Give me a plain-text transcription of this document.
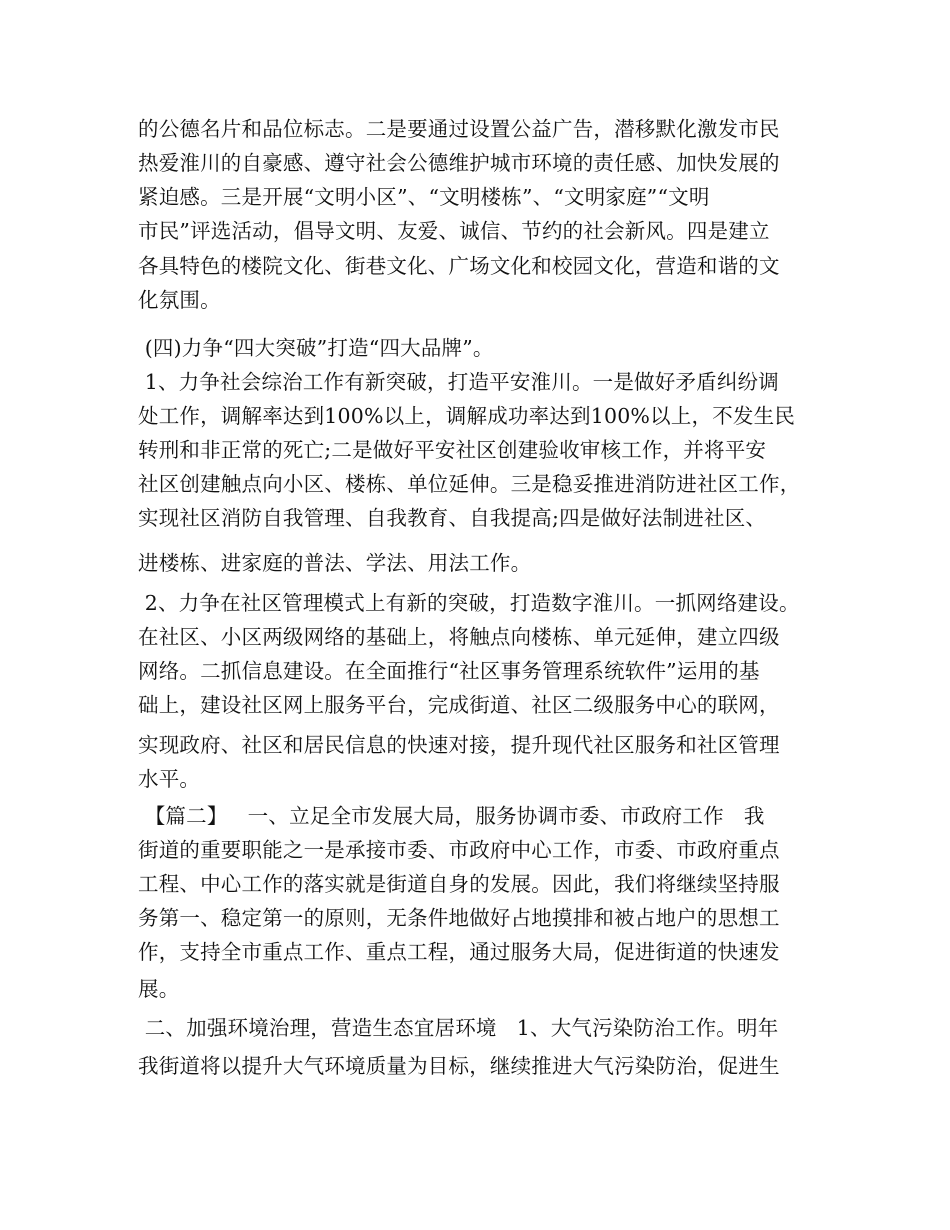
的公德名片和品位标志。二是要通过设置公益广告，潜移默化激发市民
热爱淮川的自豪感、遵守社会公德维护城市环境的责任感、加快发展的
紧迫感。三是开展“文明小区”、“文明楼栋”、“文明家庭”“文明
市民”评选活动，倡导文明、友爱、诚信、节约的社会新风。四是建立
各具特色的楼院文化、街巷文化、广场文化和校园文化，营造和谐的文
化氛围。
(四)力争“四大突破”打造“四大品牌”。
1、力争社会综治工作有新突破，打造平安淮川。一是做好矛盾纠纷调
处工作，调解率达到100%以上，调解成功率达到100%以上，不发生民
转刑和非正常的死亡;二是做好平安社区创建验收审核工作，并将平安
社区创建触点向小区、楼栋、单位延伸。三是稳妥推进消防进社区工作，
实现社区消防自我管理、自我教育、自我提高;四是做好法制进社区、
进楼栋、进家庭的普法、学法、用法工作。
2、力争在社区管理模式上有新的突破，打造数字淮川。一抓网络建设。
在社区、小区两级网络的基础上，将触点向楼栋、单元延伸，建立四级
网络。二抓信息建设。在全面推行“社区事务管理系统软件”运用的基
础上，建设社区网上服务平台，完成街道、社区二级服务中心的联网，
实现政府、社区和居民信息的快速对接，提升现代社区服务和社区管理
水平。
【篇二】   一、立足全市发展大局，服务协调市委、市政府工作   我
街道的重要职能之一是承接市委、市政府中心工作，市委、市政府重点
工程、中心工作的落实就是街道自身的发展。因此，我们将继续坚持服
务第一、稳定第一的原则，无条件地做好占地摸排和被占地户的思想工
作，支持全市重点工作、重点工程，通过服务大局，促进街道的快速发
展。
二、加强环境治理，营造生态宜居环境   1、大气污染防治工作。明年
我街道将以提升大气环境质量为目标，继续推进大气污染防治，促进生
